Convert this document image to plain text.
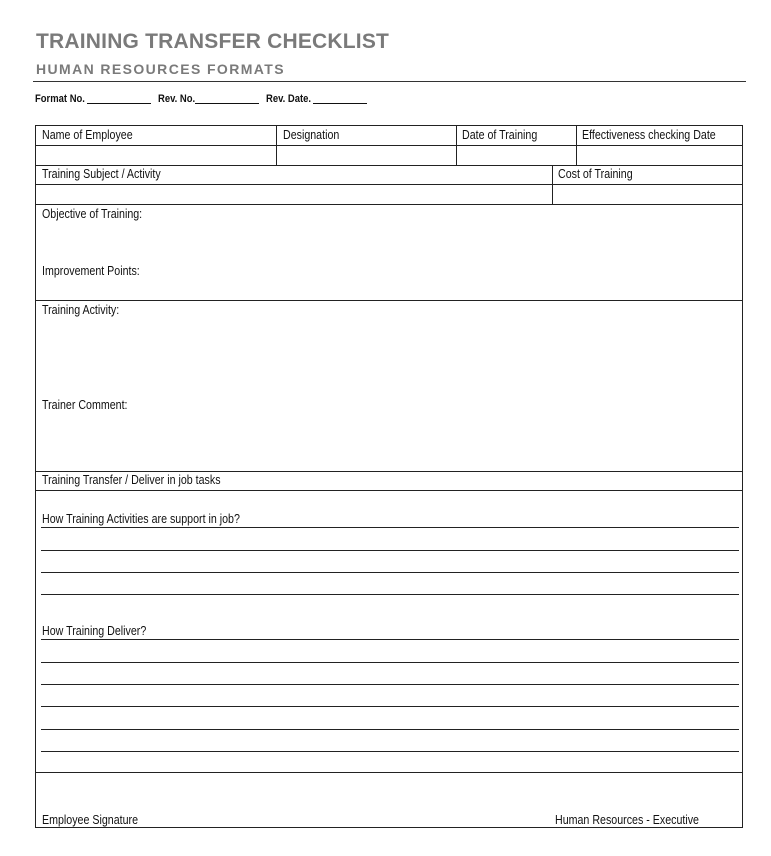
TRAINING TRANSFER CHECKLIST
HUMAN RESOURCES FORMATS
Format No.	Rev. No.	Rev. Date.
Name of Employee	Designation	Date of Training	Effectiveness checking Date
Training Subject / Activity	Cost of Training
Objective of Training:
Improvement Points:
Training Activity:
Trainer Comment:
Training Transfer / Deliver in job tasks
How Training Activities are support in job?
How Training Deliver?
Employee Signature	Human Resources - Executive
